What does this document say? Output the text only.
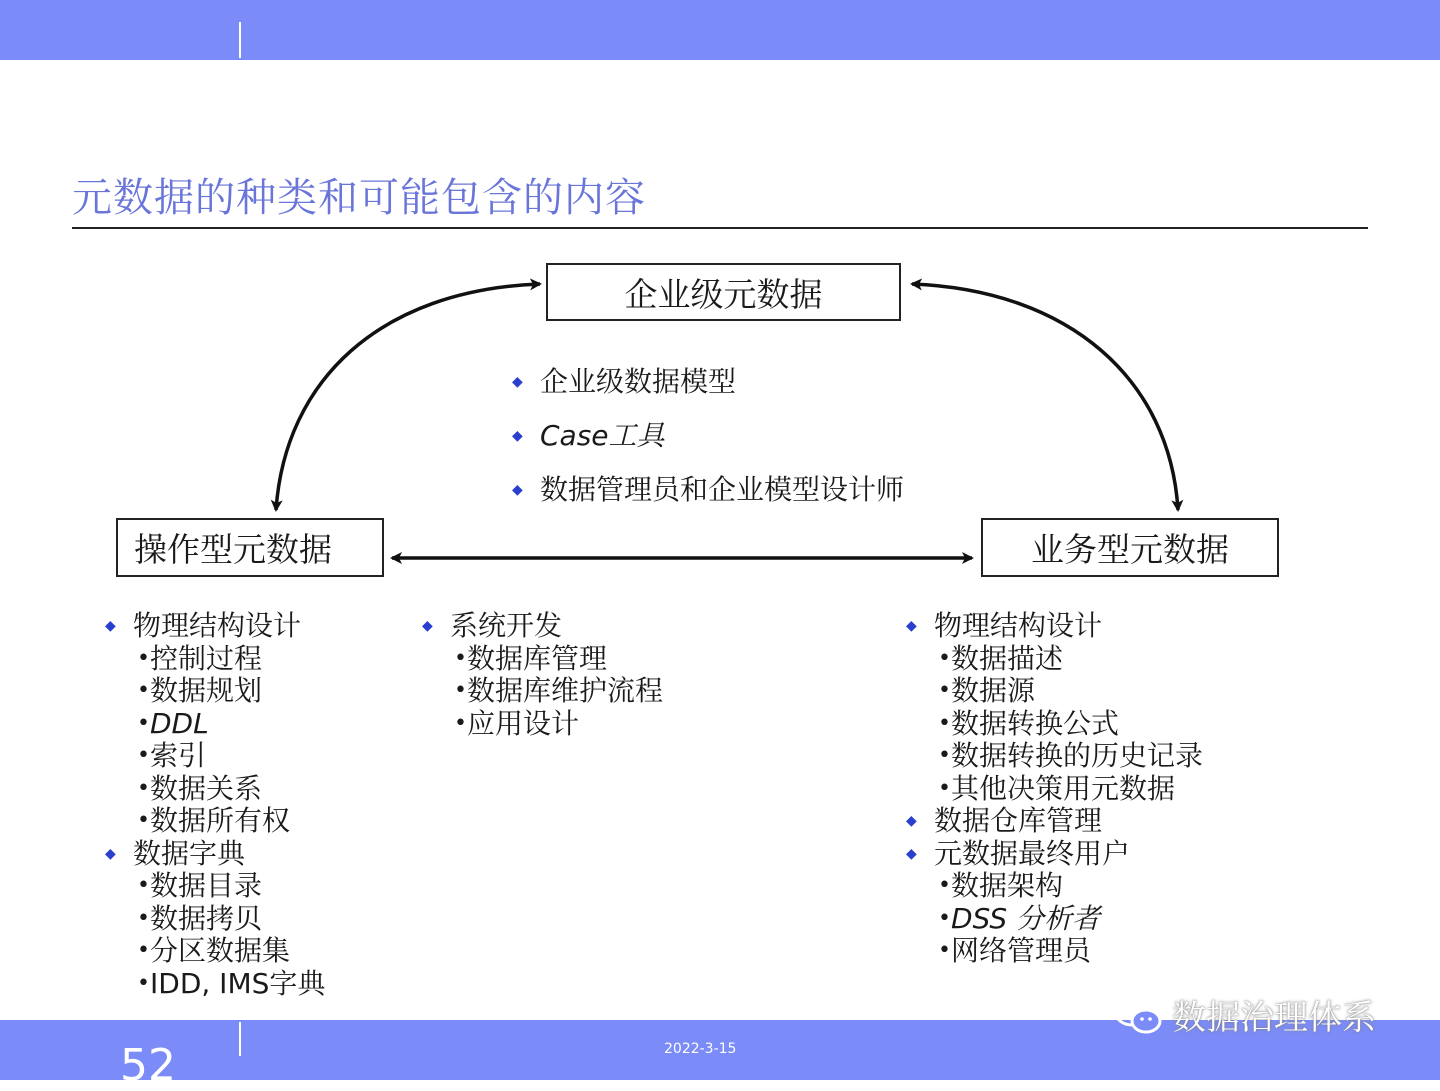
元数据的种类和可能包含的内容
企业级元数据
操作型元数据	业务型元数据
◆ 企业级数据模型
◆ Case工具
◆ 数据管理员和企业模型设计师
◆ 物理结构设计
• 控制过程
• 数据规划
• DDL
• 索引
• 数据关系
• 数据所有权
◆ 数据字典
• 数据目录
• 数据拷贝
• 分区数据集
• IDD, IMS字典
◆ 系统开发
• 数据库管理
• 数据库维护流程
• 应用设计
◆ 物理结构设计
• 数据描述
• 数据源
• 数据转换公式
• 数据转换的历史记录
• 其他决策用元数据
◆ 数据仓库管理
◆ 元数据最终用户
• 数据架构
• DSS 分析者
• 网络管理员
52	2022-3-15
数据治理体系
